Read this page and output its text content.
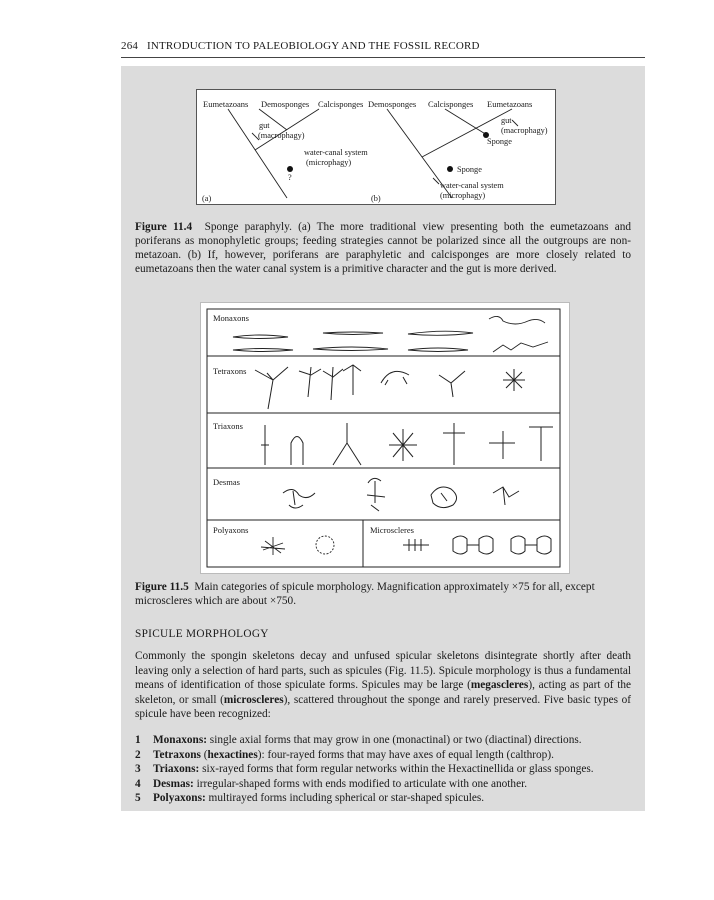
264 INTRODUCTION TO PALEOBIOLOGY AND THE FOSSIL RECORD
Eumetazoans Demosponges Calcisponges
gut
(macrophagy)
water-canal system
(microphagy)
?
(a)
Demosponges Calcisponges Eumetazoans
gut
(macrophagy)
Sponge
Sponge
water-canal system
(microphagy)
(b)
Figure 11.4 Sponge paraphyly. (a) The more traditional view presenting both the eumetazoans and poriferans as monophyletic groups; feeding strategies cannot be polarized since all the outgroups are non-metazoan. (b) If, however, poriferans are paraphyletic and calcisponges are more closely related to eumetazoans then the water canal system is a primitive character and the gut is more derived.
Monaxons
Tetraxons
Triaxons
Desmas
Polyaxons	Microscleres
Figure 11.5 Main categories of spicule morphology. Magnification approximately ×75 for all, except microscleres which are about ×750.
SPICULE MORPHOLOGY
Commonly the spongin skeletons decay and unfused spicular skeletons disintegrate shortly after death leaving only a selection of hard parts, such as spicules (Fig. 11.5). Spicule morphology is thus a fundamental means of identification of those spiculate forms. Spicules may be large (megascleres), acting as part of the skeleton, or small (microscleres), scattered throughout the sponge and rarely preserved. Five basic types of spicule have been recognized:
1 Monaxons: single axial forms that may grow in one (monactinal) or two (diactinal) directions.
2 Tetraxons (hexactines): four-rayed forms that may have axes of equal length (calthrop).
3 Triaxons: six-rayed forms that form regular networks within the Hexactinellida or glass sponges.
4 Desmas: irregular-shaped forms with ends modified to articulate with one another.
5 Polyaxons: multirayed forms including spherical or star-shaped spicules.
